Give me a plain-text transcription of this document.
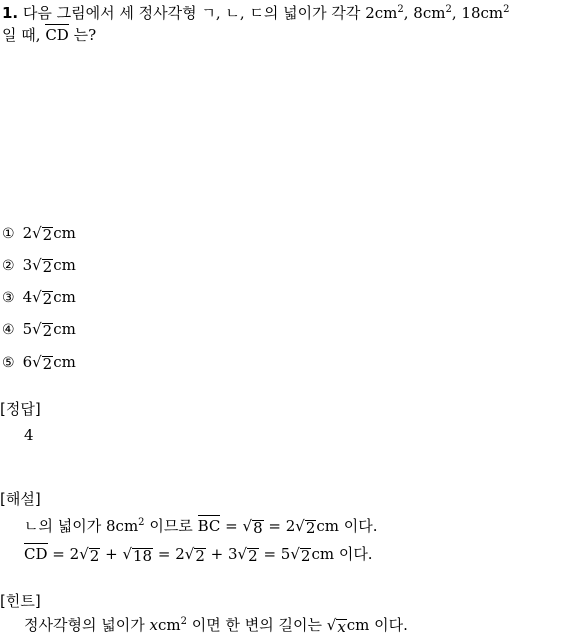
1. 다음 그림에서 세 정사각형 ㄱ, ㄴ, ㄷ의 넓이가 각각 $2cm^2$, $8cm^2$, $18cm^2$
일 때, CD 는?
① 2 √ 2 cm
② 3 √ 2 cm
③ 4 √ 2 cm
④ 5 √ 2 cm
⑤ 6 √ 2 cm
[정답]
4
[해설]
ㄴ의 넓이가 $8cm^2$ 이므로 BC = √ 8 = 2 √ 2 cm 이다.
CD = 2 √ 2 + √ 18 = 2 √ 2 + 3 √ 2 = 5 √ 2 cm 이다.
[힌트]
정사각형의 넓이가 xcm$^2$ 이면 한 변의 길이는 √ x cm 이다.
